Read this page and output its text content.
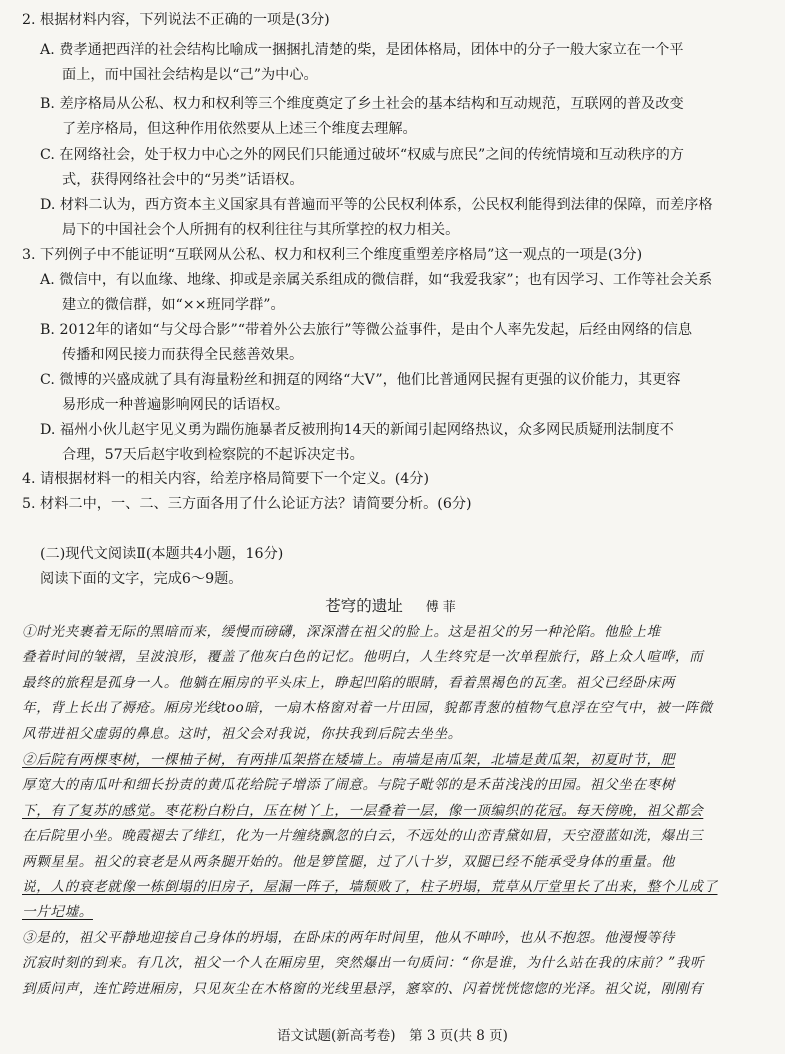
2. 根据材料内容，下列说法不正确的一项是(3分)
A. 费孝通把西洋的社会结构比喻成一捆捆扎清楚的柴，是团体格局，团体中的分子一般大家立在一个平

面上，而中国社会结构是以“己”为中心。
B. 差序格局从公私、权力和权利等三个维度奠定了乡土社会的基本结构和互动规范，互联网的普及改变

了差序格局，但这种作用依然要从上述三个维度去理解。
C. 在网络社会，处于权力中心之外的网民们只能通过破坏“权威与庶民”之间的传统情境和互动秩序的方

式，获得网络社会中的“另类”话语权。
D. 材料二认为，西方资本主义国家具有普遍而平等的公民权利体系，公民权利能得到法律的保障，而差序格

局下的中国社会个人所拥有的权利往往与其所掌控的权力相关。
3. 下列例子中不能证明“互联网从公私、权力和权利三个维度重塑差序格局”这一观点的一项是(3分)
A. 微信中，有以血缘、地缘、抑或是亲属关系组成的微信群，如“我爱我家”；也有因学习、工作等社会关系

建立的微信群，如“××班同学群”。
B. 2012年的诸如“与父母合影”“带着外公去旅行”等微公益事件，是由个人率先发起，后经由网络的信息

传播和网民接力而获得全民慈善效果。
C. 微博的兴盛成就了具有海量粉丝和拥趸的网络“大V”，他们比普通网民握有更强的议价能力，其更容

易形成一种普遍影响网民的话语权。
D. 福州小伙儿赵宇见义勇为踹伤施暴者反被刑拘14天的新闻引起网络热议，众多网民质疑刑法制度不

合理，57天后赵宇收到检察院的不起诉决定书。
4. 请根据材料一的相关内容，给差序格局简要下一个定义。(4分)
5. 材料二中，一、二、三方面各用了什么论证方法？请简要分析。(6分)
(二)现代文阅读Ⅱ(本题共4小题，16分)
阅读下面的文字，完成6～9题。
苍穹的遗址 傅菲
①时光夹裹着无际的黑暗而来，缓慢而磅礴，深深潜在祖父的脸上。这是祖父的另一种沦陷。他脸上堆
叠着时间的皱褶，呈波浪形，覆盖了他灰白色的记忆。他明白，人生终究是一次单程旅行，路上众人喧哗，而
最终的旅程是孤身一人。他躺在厢房的平头床上，睁起凹陷的眼睛，看着黑褐色的瓦垄。祖父已经卧床两
年，背上长出了褥疮。厢房光线too暗，一扇木格窗对着一片田园，貌都青葱的植物气息浮在空气中，被一阵微
风带进祖父虚弱的鼻息。这时，祖父会对我说，你扶我到后院去坐坐。
②后院有两棵枣树，一棵柚子树，有两排瓜架搭在矮墙上。南墙是南瓜架，北墙是黄瓜架，初夏时节，肥
厚宽大的南瓜叶和细长扮责的黄瓜花给院子增添了闹意。与院子毗邻的是禾苗浅浅的田园。祖父坐在枣树
下，有了复苏的感觉。枣花粉白粉白，压在树丫上，一层叠着一层，像一顶编织的花冠。每天傍晚，祖父都会
在后院里小坐。晚霞褪去了绯红，化为一片缠绕飘忽的白云，不远处的山峦青黛如眉，天空澄蓝如洗，爆出三
两颗星星。祖父的衰老是从两条腿开始的。他是箩筐腿，过了八十岁，双腿已经不能承受身体的重量。他
说，人的衰老就像一栋倒塌的旧房子，屋漏一阵子，墙颓败了，柱子坍塌，荒草从厅堂里长了出来，整个儿成了
一片圮墟。
③是的，祖父平静地迎接自己身体的坍塌，在卧床的两年时间里，他从不呻吟，也从不抱怨。他漫慢等待
沉寂时刻的到来。有几次，祖父一个人在厢房里，突然爆出一句质问：“你是谁，为什么站在我的床前？”我听
到质问声，连忙跨进厢房，只见灰尘在木格窗的光线里悬浮，窸窣的、闪着恍恍惚惚的光泽。祖父说，刚刚有
语文试题(新高考卷)　第 3 页(共 8 页)
